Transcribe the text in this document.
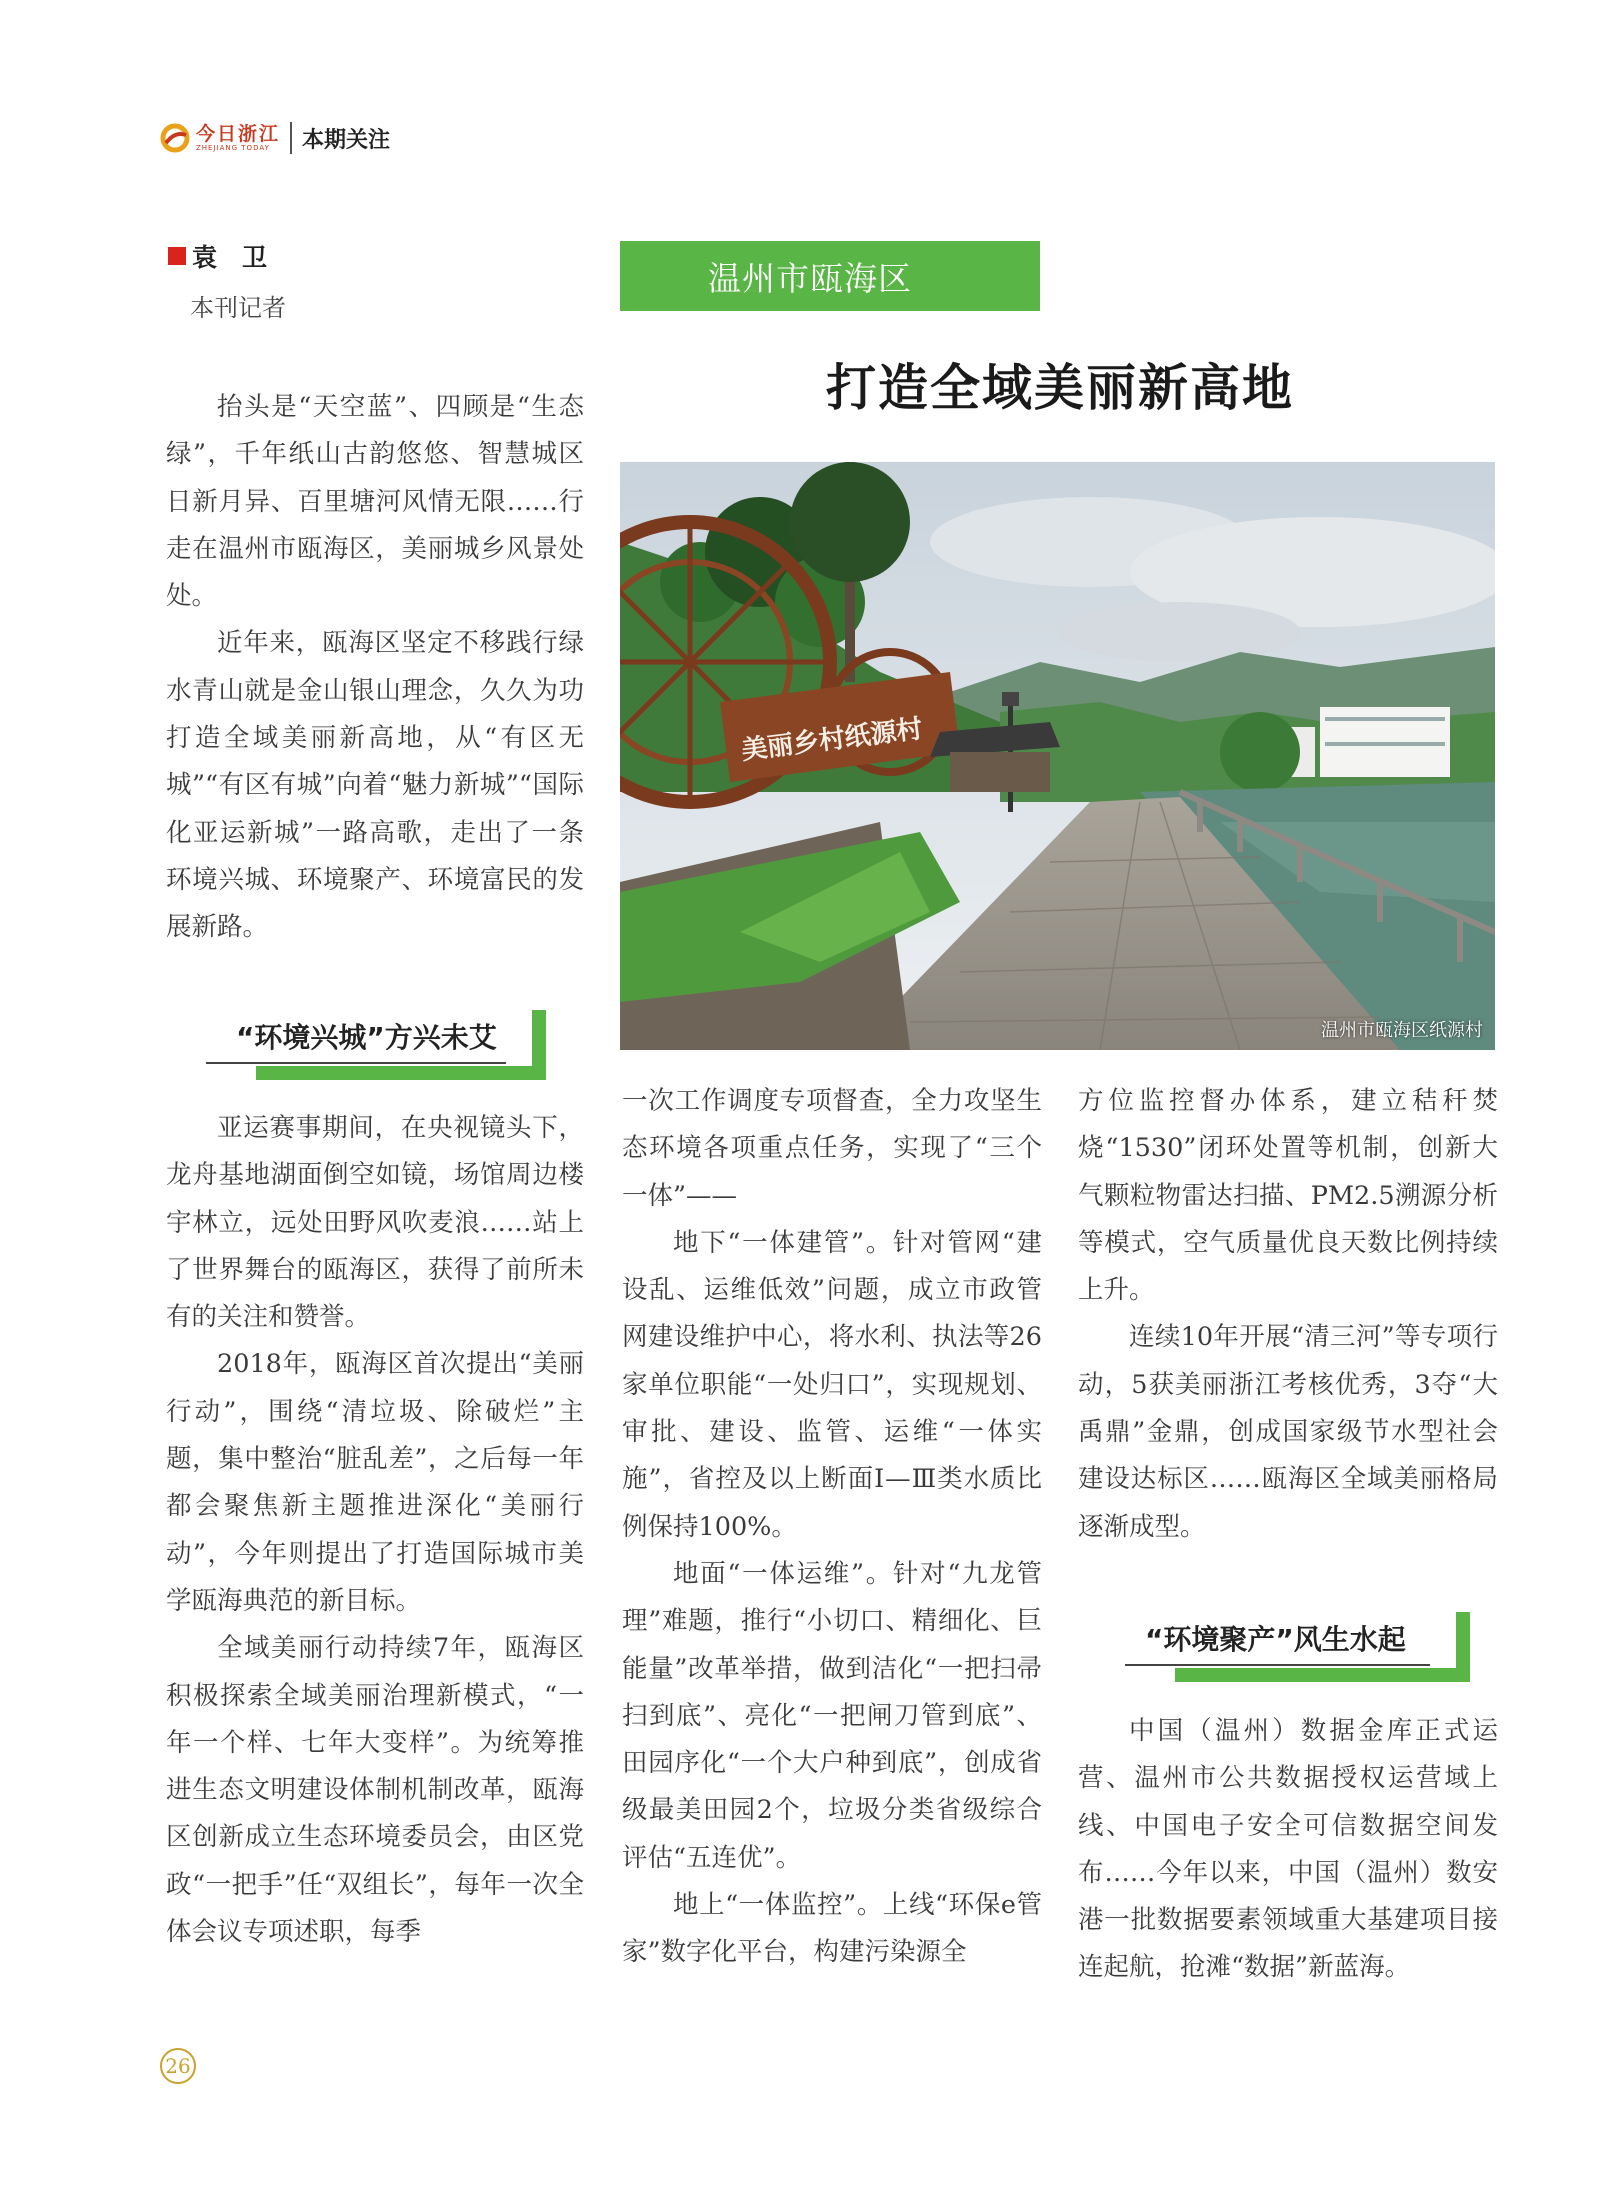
今日浙江
ZHEJIANG TODAY	本期关注
袁　卫
本刊记者
温州市瓯海区
打造全域美丽新高地
美丽乡村纸源村
温州市瓯海区纸源村

抬头是“天空蓝”、四顾是“生态绿”，千年纸山古韵悠悠、智慧城区日新月异、百里塘河风情无限……行走在温州市瓯海区，美丽城乡风景处处。

近年来，瓯海区坚定不移践行绿水青山就是金山银山理念，久久为功打造全域美丽新高地，从“有区无城”“有区有城”向着“魅力新城”“国际化亚运新城”一路高歌，走出了一条环境兴城、环境聚产、环境富民的发展新路。

“环境兴城”方兴未艾

亚运赛事期间，在央视镜头下，龙舟基地湖面倒空如镜，场馆周边楼宇林立，远处田野风吹麦浪……站上了世界舞台的瓯海区，获得了前所未有的关注和赞誉。

2018年，瓯海区首次提出“美丽行动”，围绕“清垃圾、除破烂”主题，集中整治“脏乱差”，之后每一年都会聚焦新主题推进深化“美丽行动”，今年则提出了打造国际城市美学瓯海典范的新目标。

全域美丽行动持续7年，瓯海区积极探索全域美丽治理新模式，“一年一个样、七年大变样”。为统筹推进生态文明建设体制机制改革，瓯海区创新成立生态环境委员会，由区党政“一把手”任“双组长”，每年一次全体会议专项述职，每季

一次工作调度专项督查，全力攻坚生态环境各项重点任务，实现了“三个一体”——

地下“一体建管”。针对管网“建设乱、运维低效”问题，成立市政管网建设维护中心，将水利、执法等26家单位职能“一处归口”，实现规划、审批、建设、监管、运维“一体实施”，省控及以上断面Ⅰ—Ⅲ类水质比例保持100%。

地面“一体运维”。针对“九龙管理”难题，推行“小切口、精细化、巨能量”改革举措，做到洁化“一把扫帚扫到底”、亮化“一把闸刀管到底”、田园序化“一个大户种到底”，创成省级最美田园2个，垃圾分类省级综合评估“五连优”。

地上“一体监控”。上线“环保e管家”数字化平台，构建污染源全

方位监控督办体系，建立秸秆焚烧“1530”闭环处置等机制，创新大气颗粒物雷达扫描、PM2.5溯源分析等模式，空气质量优良天数比例持续上升。

连续10年开展“清三河”等专项行动，5获美丽浙江考核优秀，3夺“大禹鼎”金鼎，创成国家级节水型社会建设达标区……瓯海区全域美丽格局逐渐成型。

“环境聚产”风生水起

中国（温州）数据金库正式运营、温州市公共数据授权运营域上线、中国电子安全可信数据空间发布……今年以来，中国（温州）数安港一批数据要素领域重大基建项目接连起航，抢滩“数据”新蓝海。

26
